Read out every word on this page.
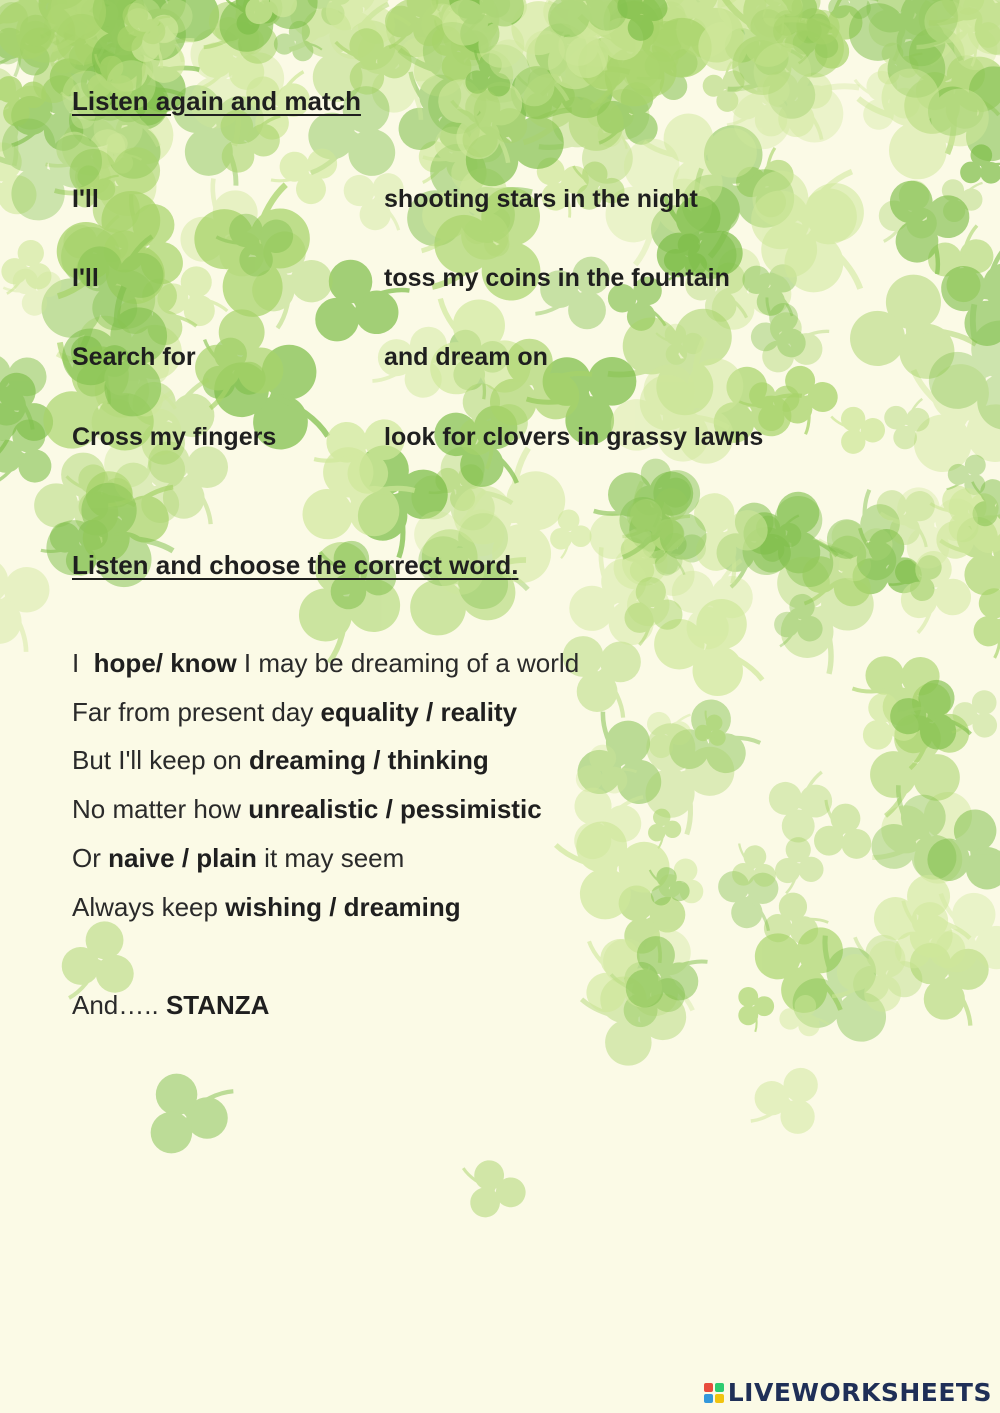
Listen again and match
I'll	shooting stars in the night
I'll	toss my coins in the fountain
Search for	and dream on
Cross my fingers	look for clovers in grassy lawns
Listen and choose the correct word.
I  hope/ know I may be dreaming of a world
Far from present day equality / reality
But I'll keep on dreaming / thinking
No matter how unrealistic / pessimistic
Or naive / plain it may seem
Always keep wishing / dreaming
And….. STANZA
LIVEWORKSHEETS
